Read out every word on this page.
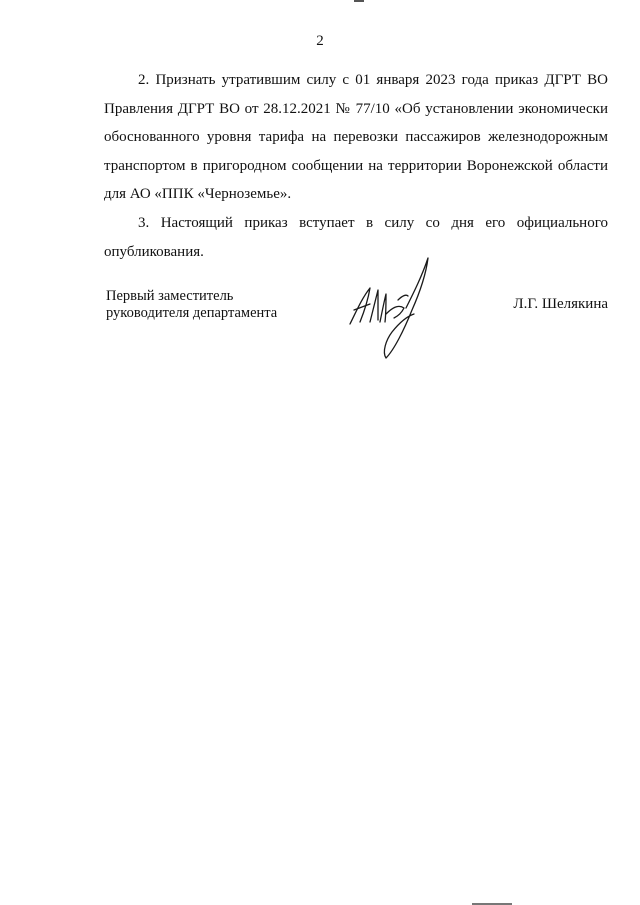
2

2. Признать утратившим силу с 01 января 2023 года приказ ДГРТ ВО Правления ДГРТ ВО от 28.12.2021 № 77/10 «Об установлении экономически обоснованного уровня тарифа на перевозки пассажиров железнодорожным транспортом в пригородном сообщении на территории Воронежской области для АО «ППК «Черноземье».

3. Настоящий приказ вступает в силу со дня его официального опубликования.

Первый заместитель
руководителя департамента
Л.Г. Шелякина
